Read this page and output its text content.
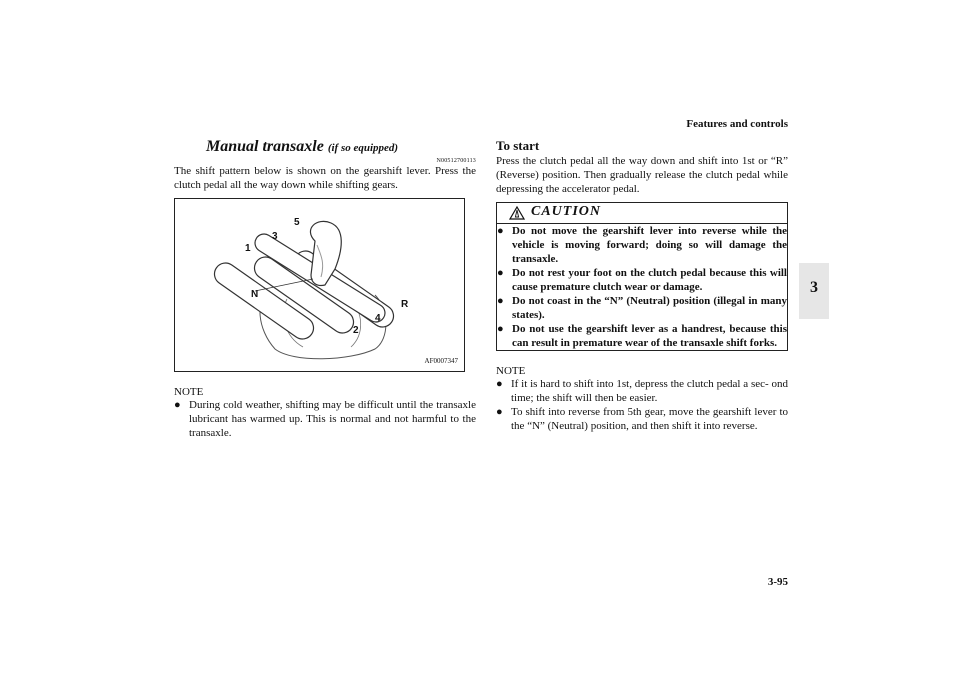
Features and controls
3
3-95
Manual transaxle (if so equipped)
N00512700113
The shift pattern below is shown on the gearshift lever. Press the clutch pedal all the way down while shifting gears.
1
3
5
N
R
4
2
AF0007347
NOTE
● During cold weather, shifting may be difficult until the transaxle lubricant has warmed up. This is normal and not harmful to the transaxle.
To start
Press the clutch pedal all the way down and shift into 1st or “R” (Reverse) position. Then gradually release the clutch pedal while depressing the accelerator pedal.
CAUTION
● Do not move the gearshift lever into reverse while the vehicle is moving forward; doing so will damage the transaxle.
● Do not rest your foot on the clutch pedal because this will cause premature clutch wear or damage.
● Do not coast in the “N” (Neutral) position (illegal in many states).
● Do not use the gearshift lever as a handrest, because this can result in premature wear of the transaxle shift forks.
NOTE
● If it is hard to shift into 1st, depress the clutch pedal a sec- ond time; the shift will then be easier.
● To shift into reverse from 5th gear, move the gearshift lever to the “N” (Neutral) position, and then shift it into reverse.
